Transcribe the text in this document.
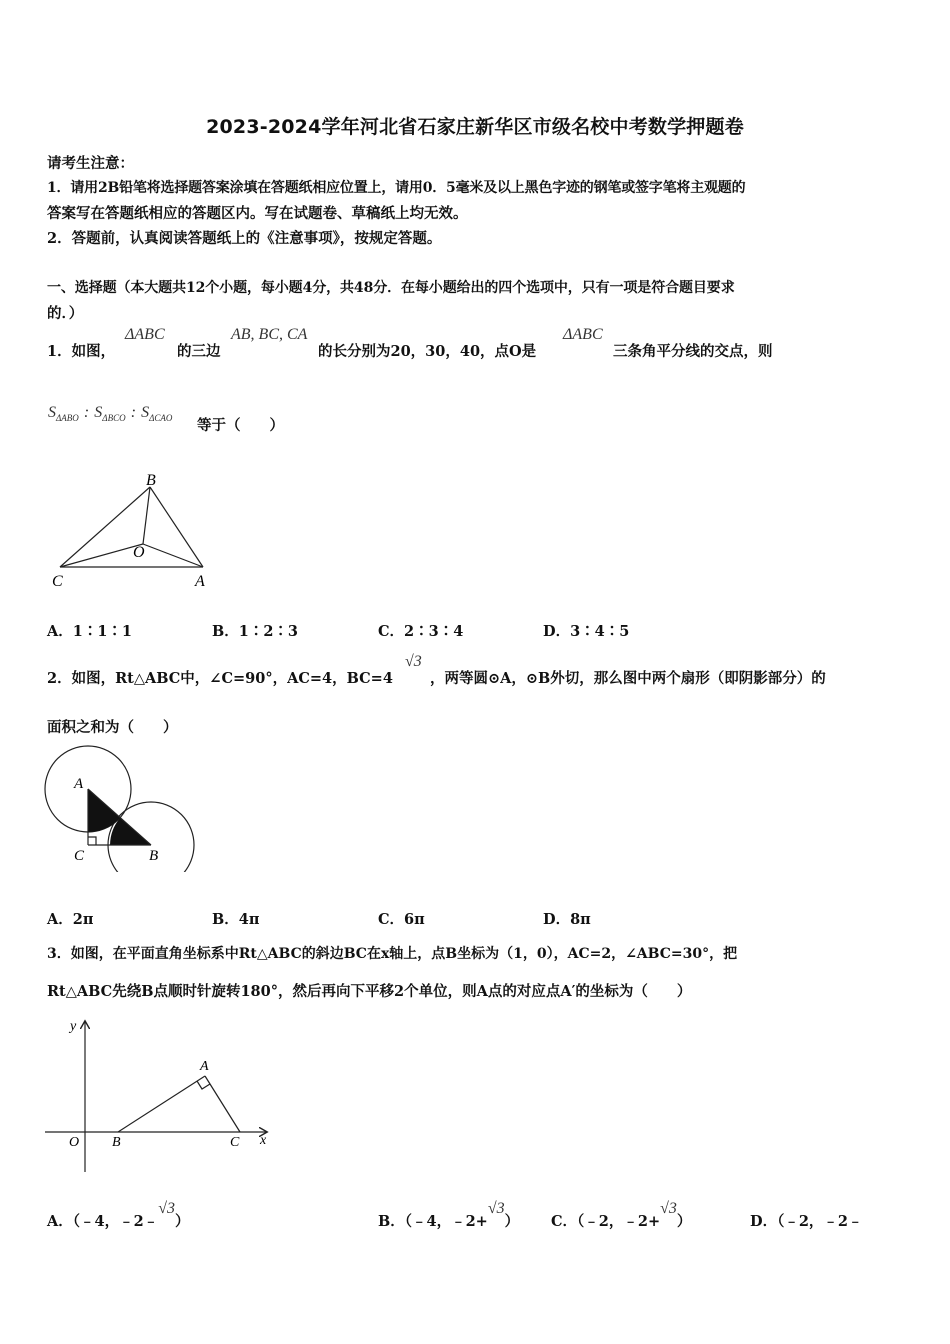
2023-2024学年河北省石家庄新华区市级名校中考数学押题卷
请考生注意：
1．请用2B铅笔将选择题答案涂填在答题纸相应位置上，请用0．5毫米及以上黑色字迹的钢笔或签字笔将主观题的
答案写在答题纸相应的答题区内。写在试题卷、草稿纸上均无效。
2．答题前，认真阅读答题纸上的《注意事项》，按规定答题。
一、选择题（本大题共12个小题，每小题4分，共48分．在每小题给出的四个选项中，只有一项是符合题目要求
的．）
1．如图，
ΔABC
的三边
AB, BC, CA
的长分别为20，30，40，点O是
ΔABC
三条角平分线的交点，则
$S_{\Delta ABO}$ : $S_{\Delta BCO}$ : $S_{\Delta CAO}$ 等于（　　）
B
O
C	A
A．1∶1∶1	B．1∶2∶3	C．2∶3∶4	D．3∶4∶5
2．如图，Rt△ABC中，∠C=90°，AC=4，BC=4
√3
，两等圆⊙A，⊙B外切，那么图中两个扇形（即阴影部分）的
面积之和为（　　）
A
C	B
A．2π	B．4π	C．6π	D．8π
3．如图，在平面直角坐标系中Rt△ABC的斜边BC在x轴上，点B坐标为（1，0），AC=2，∠ABC=30°，把
Rt△ABC先绕B点顺时针旋转180°，然后再向下平移2个单位，则A点的对应点A′的坐标为（　　）
y
A
O B	C x
A．（﹣4，﹣2﹣√3）	B．（﹣4，﹣2+√3） C．（﹣2，﹣2+√3）	D．（﹣2，﹣2﹣
